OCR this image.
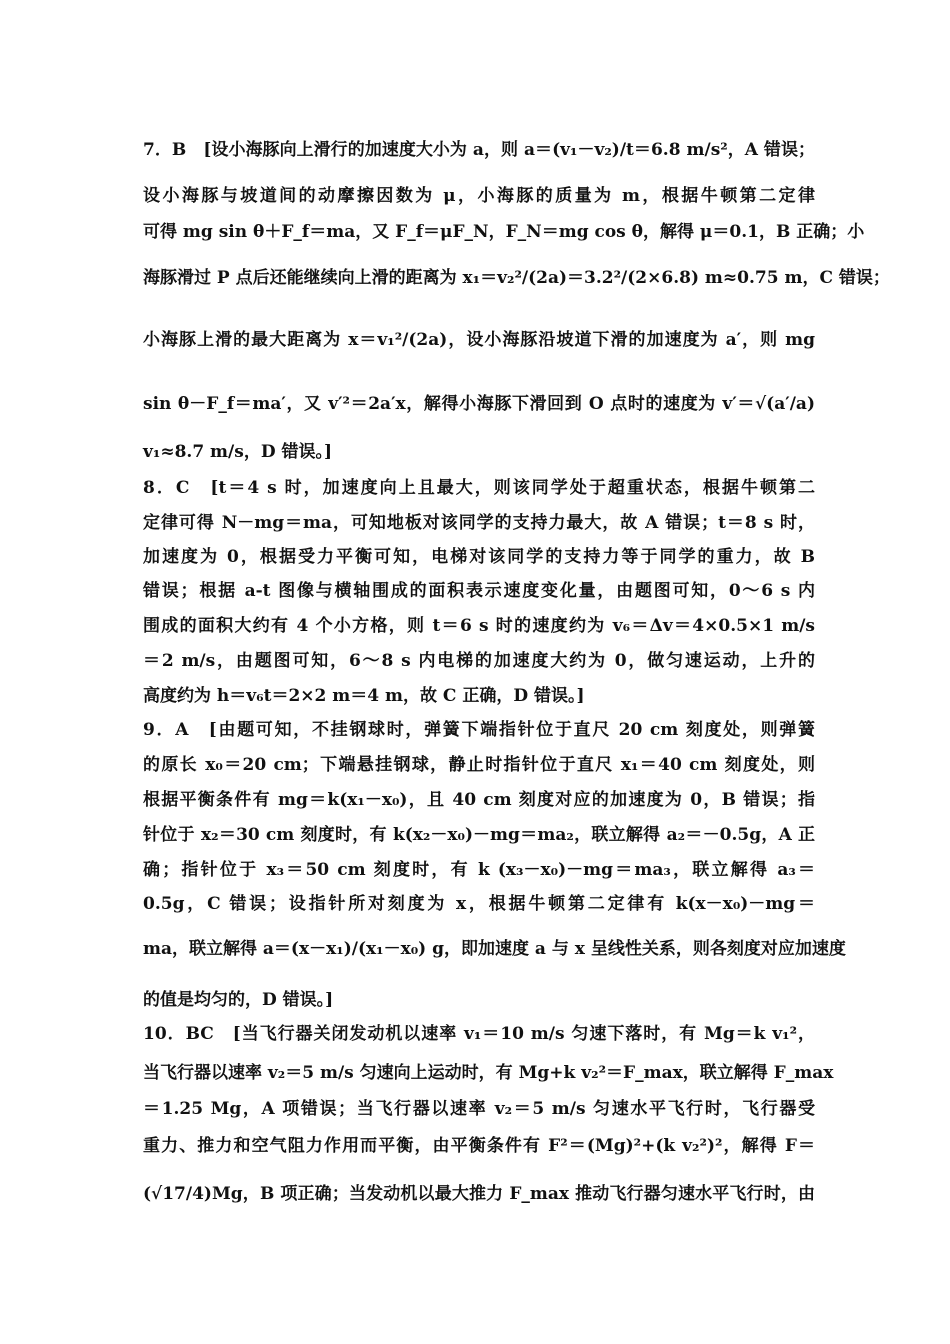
7．B　[设小海豚向上滑行的加速度大小为 a，则 a＝(v₁－v₂)/t＝6.8 m/s²，A 错误；
设小海豚与坡道间的动摩擦因数为 μ，小海豚的质量为 m，根据牛顿第二定律
可得 mg sin θ＋F_f＝ma，又 F_f＝μF_N，F_N＝mg cos θ，解得 μ＝0.1，B 正确；小
海豚滑过 P 点后还能继续向上滑的距离为 x₁＝v₂²/(2a)＝3.2²/(2×6.8) m≈0.75 m，C 错误；
小海豚上滑的最大距离为 x＝v₁²/(2a)，设小海豚沿坡道下滑的加速度为 a′，则 mg
sin θ－F_f＝ma′，又 v′²＝2a′x，解得小海豚下滑回到 O 点时的速度为 v′＝√(a′/a)
v₁≈8.7 m/s，D 错误。]
8．C　[t＝4 s 时，加速度向上且最大，则该同学处于超重状态，根据牛顿第二
定律可得 N－mg＝ma，可知地板对该同学的支持力最大，故 A 错误；t＝8 s 时，
加速度为 0，根据受力平衡可知，电梯对该同学的支持力等于同学的重力，故 B
错误；根据 a-t 图像与横轴围成的面积表示速度变化量，由题图可知，0～6 s 内
围成的面积大约有 4 个小方格，则 t＝6 s 时的速度约为 v₆＝Δv＝4×0.5×1 m/s
＝2 m/s，由题图可知，6～8 s 内电梯的加速度大约为 0，做匀速运动，上升的
高度约为 h＝v₆t＝2×2 m＝4 m，故 C 正确，D 错误。]
9．A　[由题可知，不挂钢球时，弹簧下端指针位于直尺 20 cm 刻度处，则弹簧
的原长 x₀＝20 cm；下端悬挂钢球，静止时指针位于直尺 x₁＝40 cm 刻度处，则
根据平衡条件有 mg＝k(x₁－x₀)，且 40 cm 刻度对应的加速度为 0，B 错误；指
针位于 x₂＝30 cm 刻度时，有 k(x₂－x₀)－mg＝ma₂，联立解得 a₂＝－0.5g，A 正
确；指针位于 x₃＝50 cm 刻度时，有 k (x₃－x₀)－mg＝ma₃，联立解得 a₃＝
0.5g，C 错误；设指针所对刻度为 x，根据牛顿第二定律有 k(x－x₀)－mg＝
ma，联立解得 a＝(x－x₁)/(x₁－x₀) g，即加速度 a 与 x 呈线性关系，则各刻度对应加速度
的值是均匀的，D 错误。]
10．BC　[当飞行器关闭发动机以速率 v₁＝10 m/s 匀速下落时，有 Mg＝k v₁²，
当飞行器以速率 v₂＝5 m/s 匀速向上运动时，有 Mg+k v₂²＝F_max，联立解得 F_max
＝1.25 Mg，A 项错误；当飞行器以速率 v₂＝5 m/s 匀速水平飞行时，飞行器受
重力、推力和空气阻力作用而平衡，由平衡条件有 F²＝(Mg)²+(k v₂²)²，解得 F＝
(√17/4)Mg，B 项正确；当发动机以最大推力 F_max 推动飞行器匀速水平飞行时，由
